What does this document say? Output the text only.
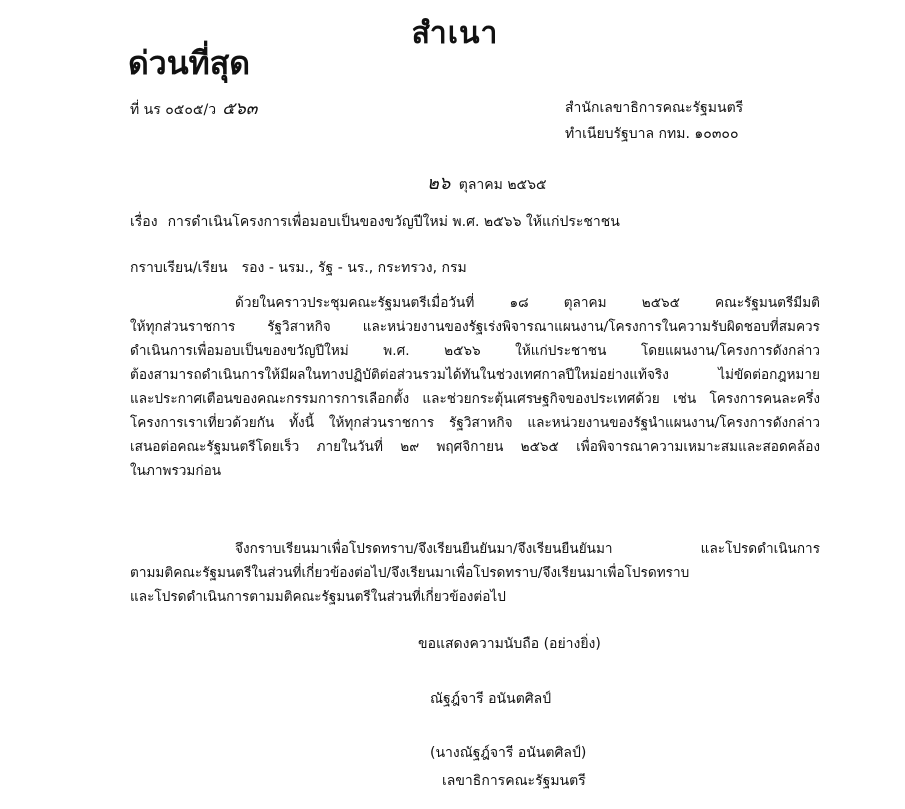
สำเนา
ด่วนที่สุด
ที่ นร ๐๕๐๕/ว ๕๖๓	สำนักเลขาธิการคณะรัฐมนตรี
ทำเนียบรัฐบาล กทม. ๑๐๓๐๐
๒๖ ตุลาคม ๒๕๖๕
เรื่อง การดำเนินโครงการเพื่อมอบเป็นของขวัญปีใหม่ พ.ศ. ๒๕๖๖ ให้แก่ประชาชน
กราบเรียน/เรียน รอง - นรม., รัฐ - นร., กระทรวง, กรม
ด้วยในคราวประชุมคณะรัฐมนตรีเมื่อวันที่ ๑๘ ตุลาคม ๒๕๖๕ คณะรัฐมนตรีมีมติ
ให้ทุกส่วนราชการ รัฐวิสาหกิจ และหน่วยงานของรัฐเร่งพิจารณาแผนงาน/โครงการในความรับผิดชอบที่สมควร
ดำเนินการเพื่อมอบเป็นของขวัญปีใหม่ พ.ศ. ๒๕๖๖ ให้แก่ประชาชน โดยแผนงาน/โครงการดังกล่าว
ต้องสามารถดำเนินการให้มีผลในทางปฏิบัติต่อส่วนรวมได้ทันในช่วงเทศกาลปีใหม่อย่างแท้จริง ไม่ขัดต่อกฎหมาย
และประกาศเตือนของคณะกรรมการการเลือกตั้ง และช่วยกระตุ้นเศรษฐกิจของประเทศด้วย เช่น โครงการคนละครึ่ง
โครงการเราเที่ยวด้วยกัน ทั้งนี้ ให้ทุกส่วนราชการ รัฐวิสาหกิจ และหน่วยงานของรัฐนำแผนงาน/โครงการดังกล่าว
เสนอต่อคณะรัฐมนตรีโดยเร็ว ภายในวันที่ ๒๙ พฤศจิกายน ๒๕๖๕ เพื่อพิจารณาความเหมาะสมและสอดคล้อง
ในภาพรวมก่อน
จึงกราบเรียนมาเพื่อโปรดทราบ/จึงเรียนยืนยันมา/จึงเรียนยืนยันมา และโปรดดำเนินการ
ตามมติคณะรัฐมนตรีในส่วนที่เกี่ยวข้องต่อไป/จึงเรียนมาเพื่อโปรดทราบ/จึงเรียนมาเพื่อโปรดทราบ
และโปรดดำเนินการตามมติคณะรัฐมนตรีในส่วนที่เกี่ยวข้องต่อไป
ขอแสดงความนับถือ (อย่างยิ่ง)
ณัฐฎ์จารี อนันตศิลป์
(นางณัฐฎ์จารี อนันตศิลป์)
เลขาธิการคณะรัฐมนตรี
